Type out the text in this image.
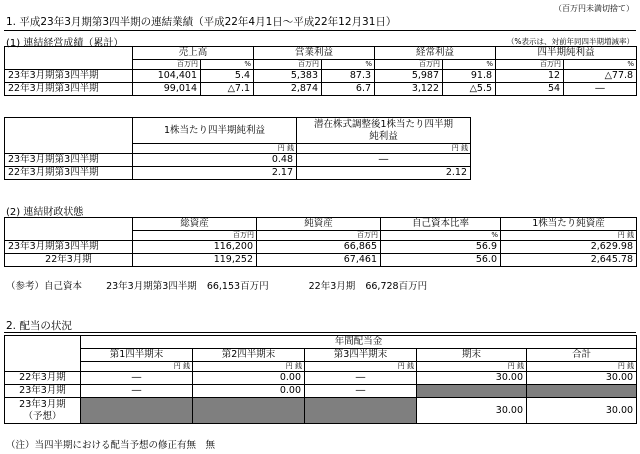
（百万円未満切捨て）
1. 平成23年3月期第3四半期の連結業績（平成22年4月1日～平成22年12月31日）
(1) 連結経営成績（累計）	（%表示は、対前年同四半期増減率）
	売上高		営業利益		経常利益		四半期純利益	
	百万円	%	百万円	%	百万円	%	百万円	%
23年3月期第3四半期	104,401	5.4	5,383	87.3	5,987	91.8	12	△77.8
22年3月期第3四半期	99,014	△7.1	2,874	6.7	3,122	△5.5	54	―
	1株当たり四半期純利益	潜在株式調整後1株当たり四半期
純利益

	円 銭	円 銭
23年3月期第3四半期	0.48	―
22年3月期第3四半期	2.17	2.12
(2) 連結財政状態
	総資産	純資産	自己資本比率	1株当たり純資産
	百万円	百万円	%	円 銭
23年3月期第3四半期	116,200	66,865	56.9	2,629.98
22年3月期	119,252	67,461	56.0	2,645.78
（参考）自己資本	23年3月期第3四半期 66,153百万円	22年3月期 66,728百万円
2. 配当の状況
	年間配当金				
	第1四半期末	第2四半期末	第3四半期末	期末	合計
	円 銭	円 銭	円 銭	円 銭	円 銭
22年3月期	―	0.00	―	30.00	30.00
23年3月期	―	0.00	―		

23年3月期
（予想）				30.00	30.00
（注）当四半期における配当予想の修正有無　無
